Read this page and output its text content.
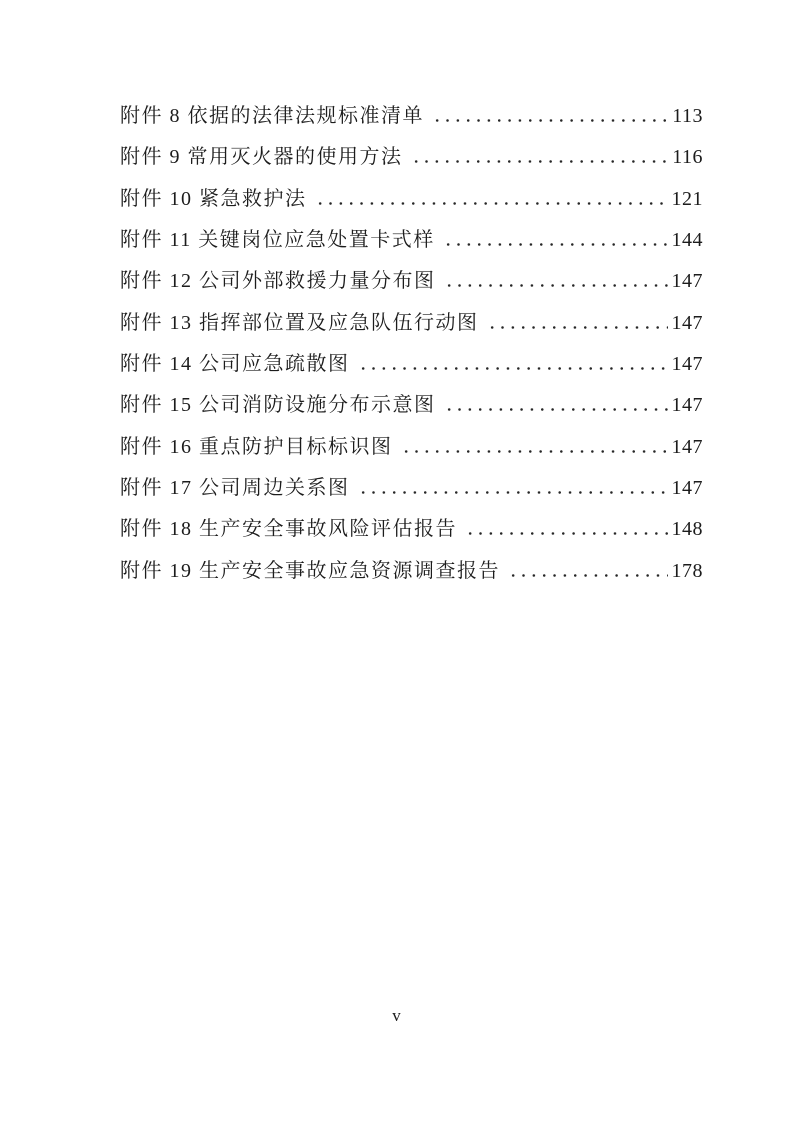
附件 8 依据的法律法规标准清单	113
附件 9 常用灭火器的使用方法	116
附件 10 紧急救护法	121
附件 11 关键岗位应急处置卡式样	144
附件 12 公司外部救援力量分布图	147
附件 13 指挥部位置及应急队伍行动图	147
附件 14 公司应急疏散图	147
附件 15 公司消防设施分布示意图	147
附件 16 重点防护目标标识图	147
附件 17 公司周边关系图	147
附件 18 生产安全事故风险评估报告	148
附件 19 生产安全事故应急资源调查报告	178
v
